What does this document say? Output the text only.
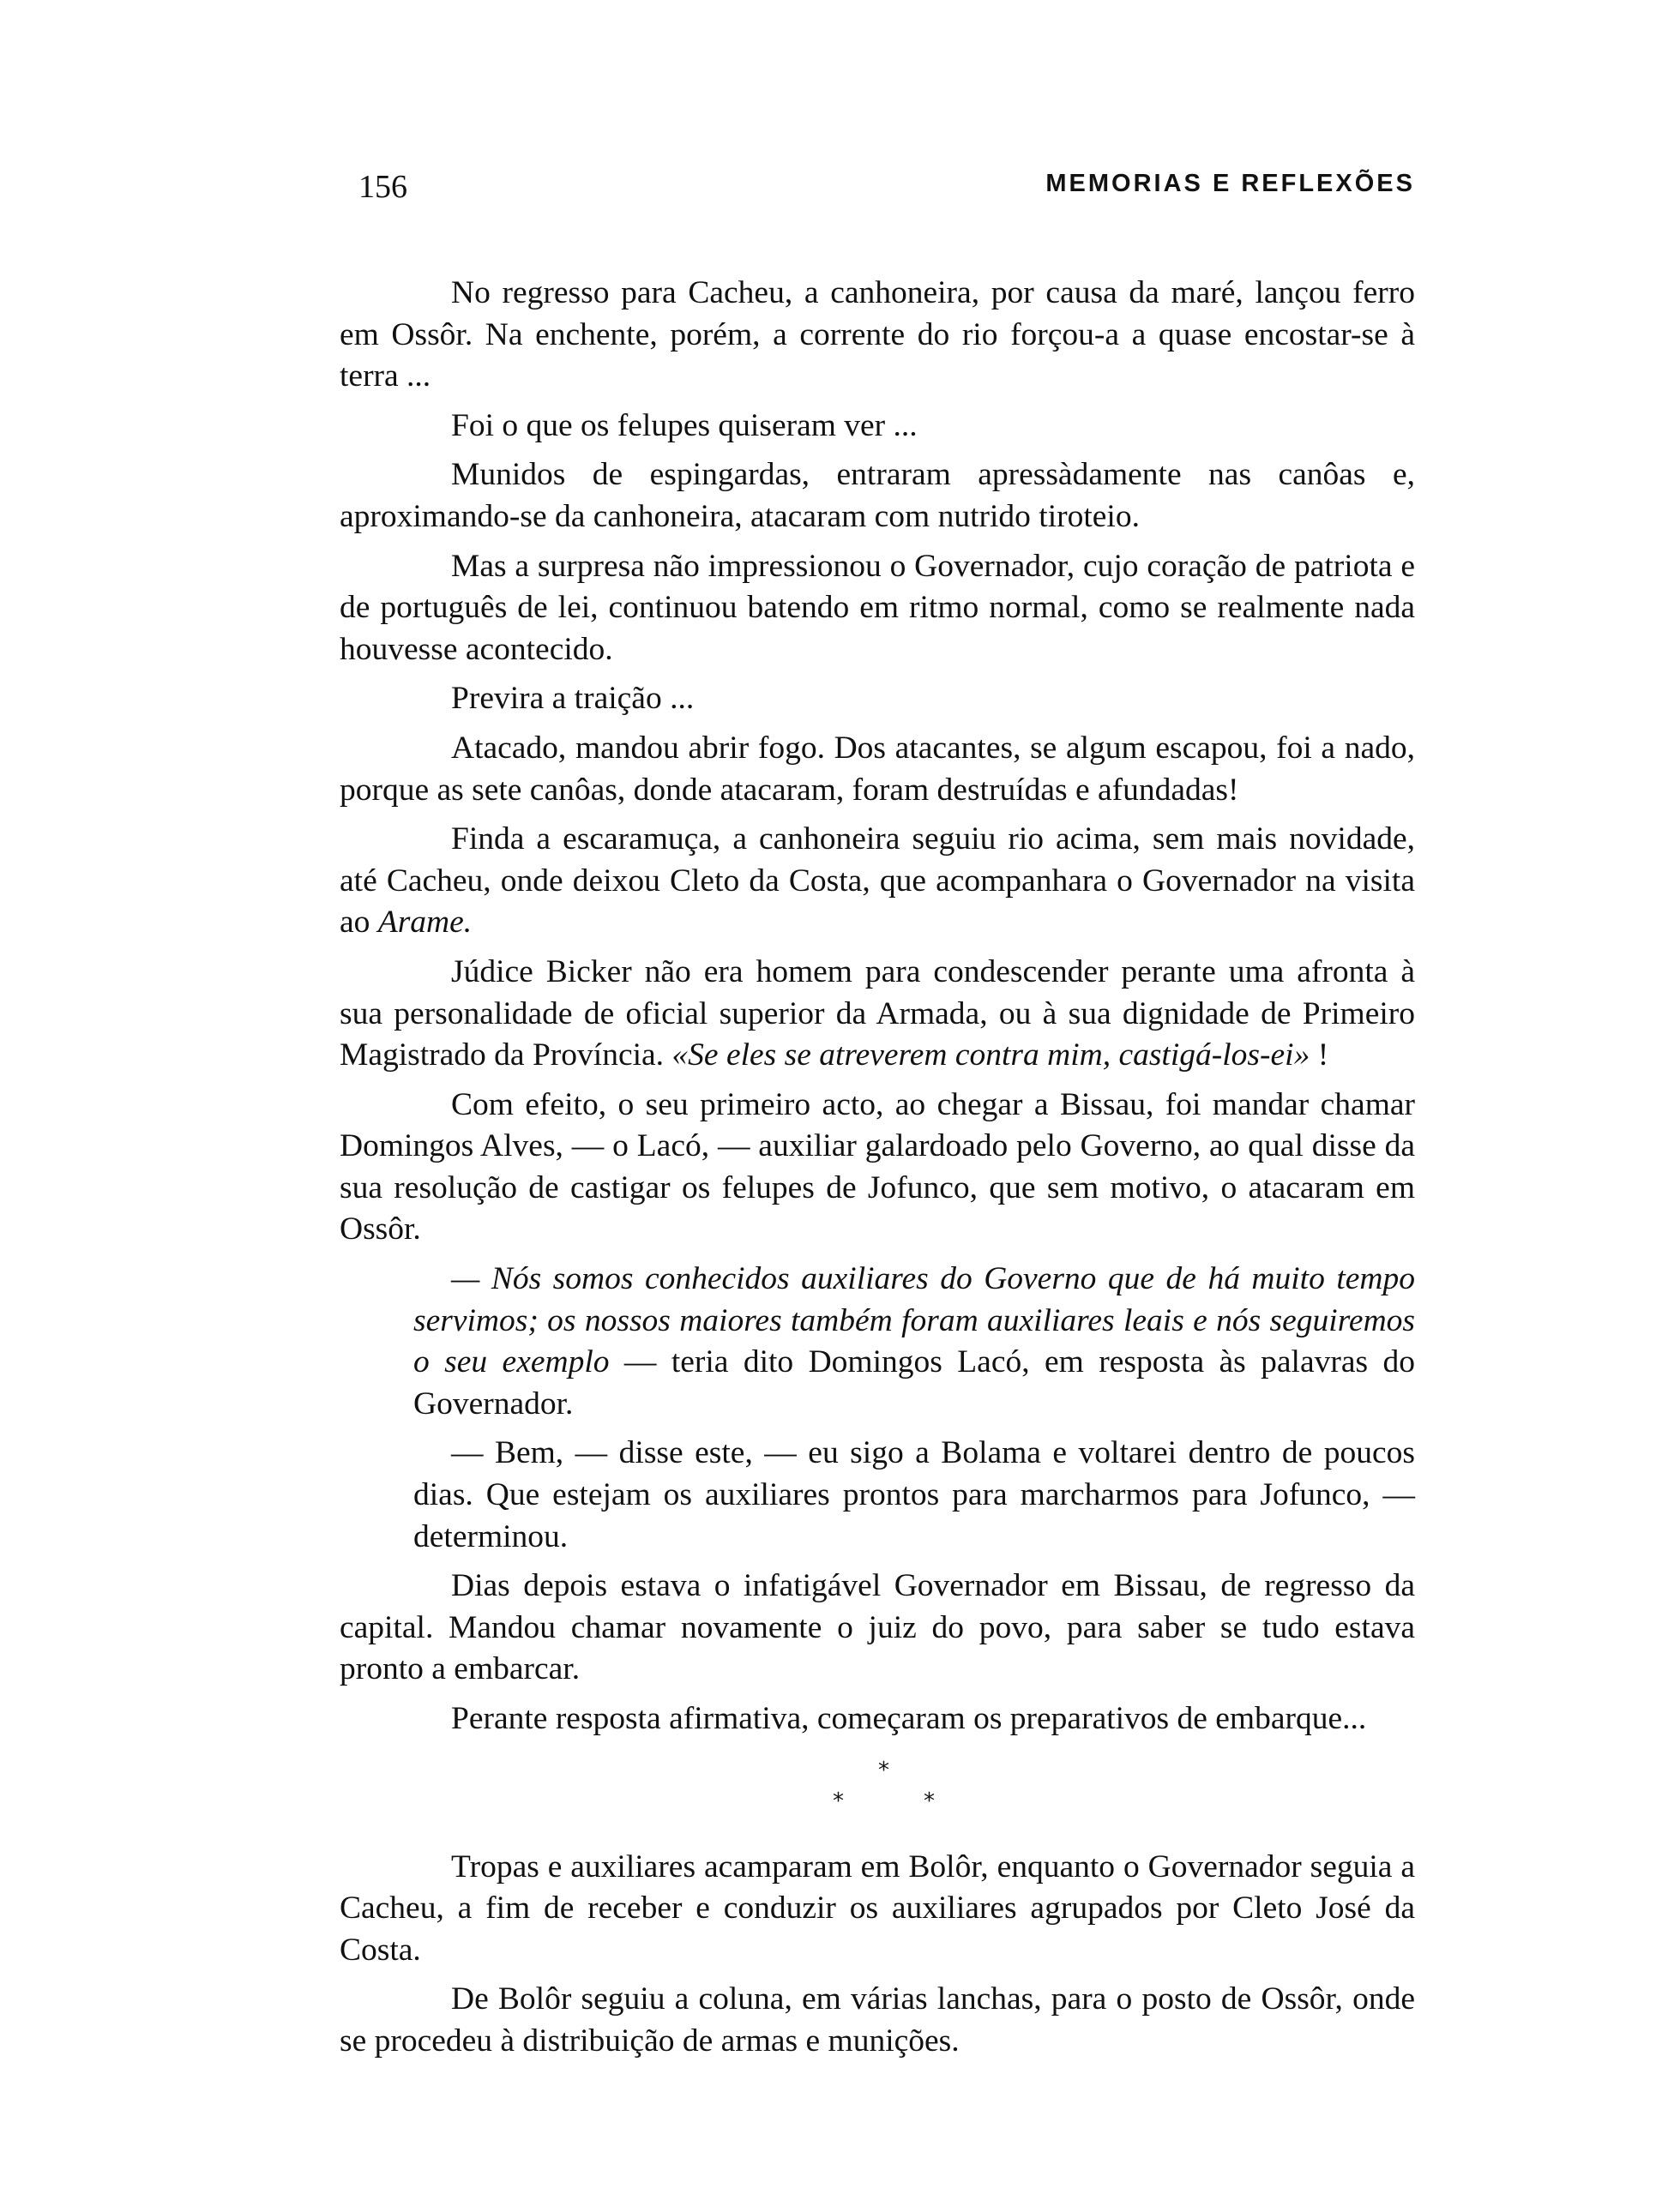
156	MEMORIAS E REFLEXÕES

No regresso para Cacheu, a canhoneira, por causa da maré, lançou ferro em Ossôr. Na enchente, porém, a corrente do rio forçou-a a quase encostar-se à terra ...

Foi o que os felupes quiseram ver ...

Munidos de espingardas, entraram apressàdamente nas canôas e, aproximando-se da canhoneira, atacaram com nutrido tiroteio.

Mas a surpresa não impressionou o Governador, cujo coração de patriota e de português de lei, continuou batendo em ritmo normal, como se realmente nada houvesse acontecido.

Previra a traição ...

Atacado, mandou abrir fogo. Dos atacantes, se algum escapou, foi a nado, porque as sete canôas, donde atacaram, foram destruídas e afundadas!

Finda a escaramuça, a canhoneira seguiu rio acima, sem mais novidade, até Cacheu, onde deixou Cleto da Costa, que acompanhara o Governador na visita ao Arame.

Júdice Bicker não era homem para condescender perante uma afronta à sua personalidade de oficial superior da Armada, ou à sua dignidade de Primeiro Magistrado da Província. «Se eles se atreverem contra mim, castigá-los-ei» !

Com efeito, o seu primeiro acto, ao chegar a Bissau, foi mandar chamar Domingos Alves, — o Lacó, — auxiliar galardoado pelo Governo, ao qual disse da sua resolução de castigar os felupes de Jofunco, que sem motivo, o atacaram em Ossôr.

— Nós somos conhecidos auxiliares do Governo que de há muito tempo servimos; os nossos maiores também foram auxiliares leais e nós seguiremos o seu exemplo — teria dito Domingos Lacó, em resposta às palavras do Governador.

— Bem, — disse este, — eu sigo a Bolama e voltarei dentro de poucos dias. Que estejam os auxiliares prontos para marcharmos para Jofunco, — determinou.

Dias depois estava o infatigável Governador em Bissau, de regresso da capital. Mandou chamar novamente o juiz do povo, para saber se tudo estava pronto a embarcar.

Perante resposta afirmativa, começaram os preparativos de embarque...

*
*	*

Tropas e auxiliares acamparam em Bolôr, enquanto o Governador seguia a Cacheu, a fim de receber e conduzir os auxiliares agrupados por Cleto José da Costa.

De Bolôr seguiu a coluna, em várias lanchas, para o posto de Ossôr, onde se procedeu à distribuição de armas e munições.
